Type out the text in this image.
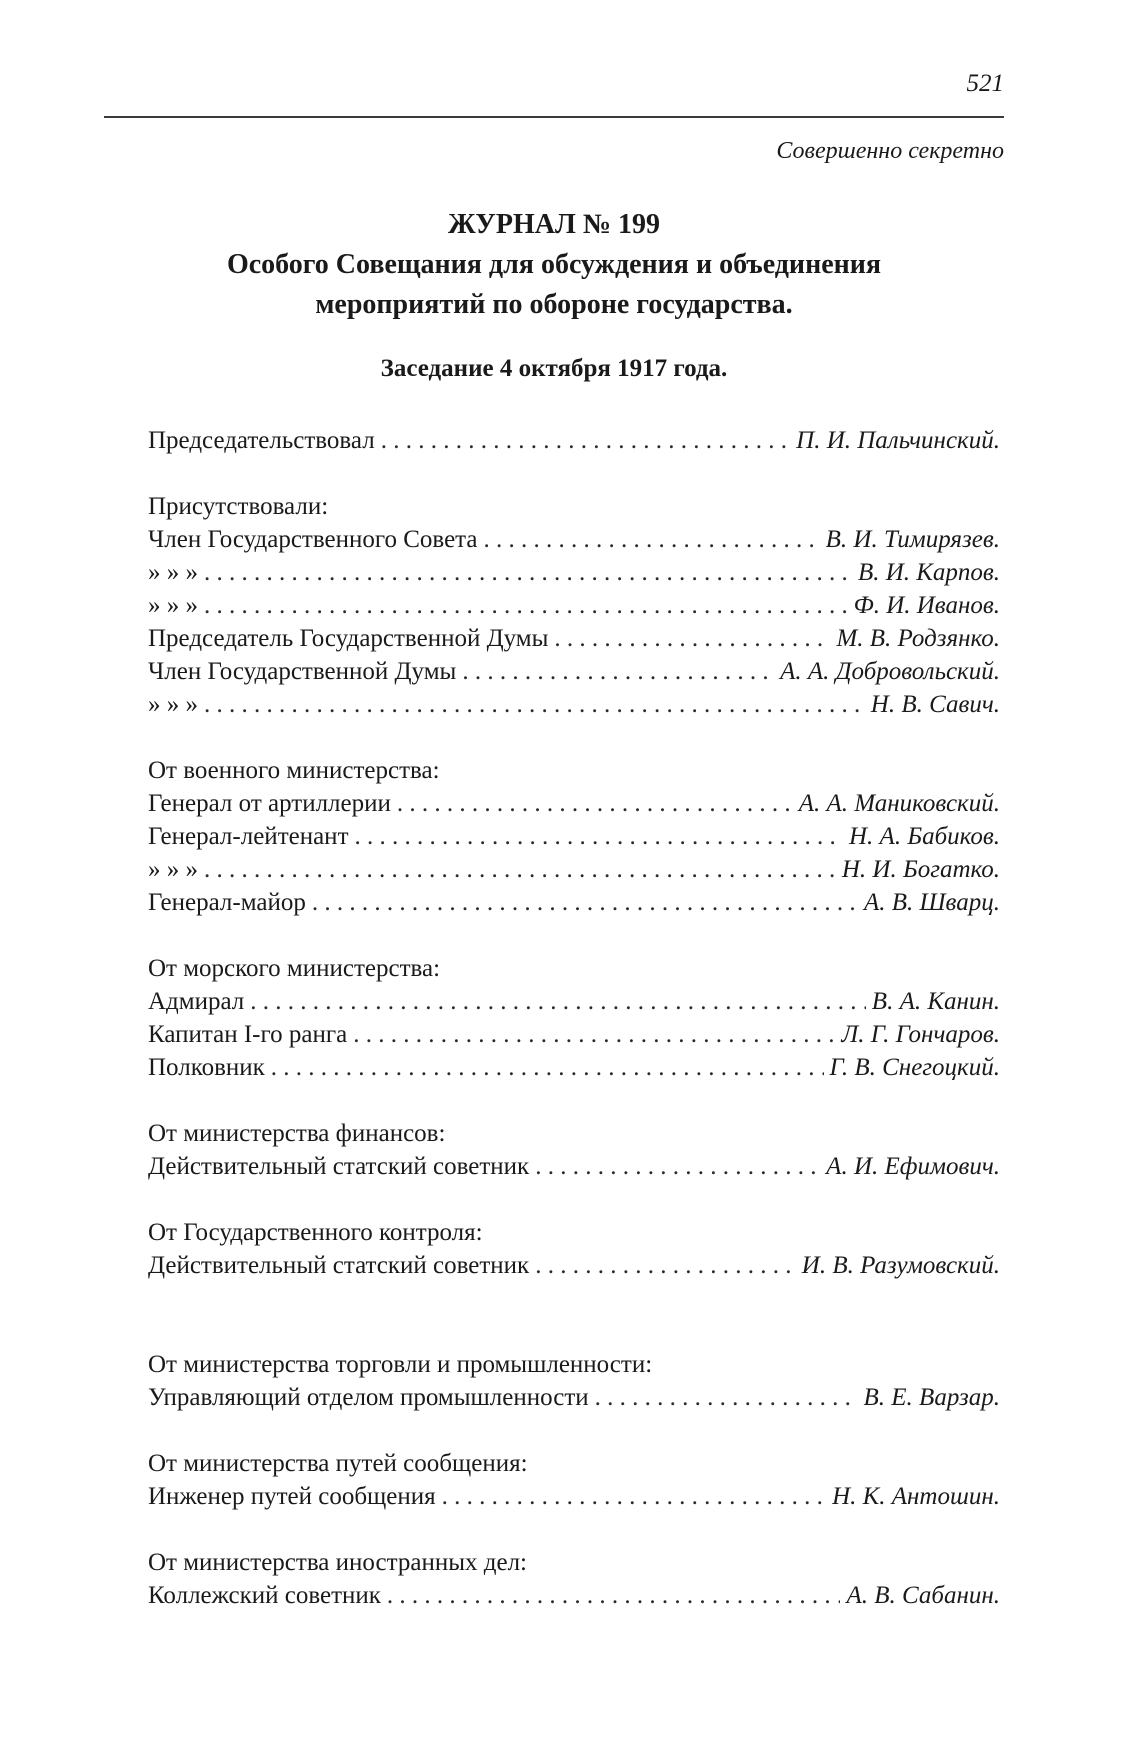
521
Совершенно секретно
ЖУРНАЛ № 199
Особого Совещания для обсуждения и объединения
мероприятий по обороне государства.
Заседание 4 октября 1917 года.
Председательствовал . . .	П. И. Пальчинский.
Присутствовали:
Член Государственного Совета . . .	В. И. Тимирязев.
» » » . . .	В. И. Карпов.
» » » . . .	Ф. И. Иванов.
Председатель Государственной Думы . . .	М. В. Родзянко.
Член Государственной Думы . . .	А. А. Добровольский.
» » » . . .	Н. В. Савич.
От военного министерства:
Генерал от артиллерии . . .	А. А. Маниковский.
Генерал-лейтенант . . .	Н. А. Бабиков.
» » » . . .	Н. И. Богатко.
Генерал-майор . . .	А. В. Шварц.
От морского министерства:
Адмирал . . .	В. А. Канин.
Капитан I-го ранга . . .	Л. Г. Гончаров.
Полковник . . .	Г. В. Снегоцкий.
От министерства финансов:
Действительный статский советник . . .	А. И. Ефимович.
От Государственного контроля:
Действительный статский советник . . .	И. В. Разумовский.
От министерства торговли и промышленности:
Управляющий отделом промышленности . . .	В. Е. Варзар.
От министерства путей сообщения:
Инженер путей сообщения . . .	Н. К. Антошин.
От министерства иностранных дел:
Коллежский советник . . .	А. В. Сабанин.
